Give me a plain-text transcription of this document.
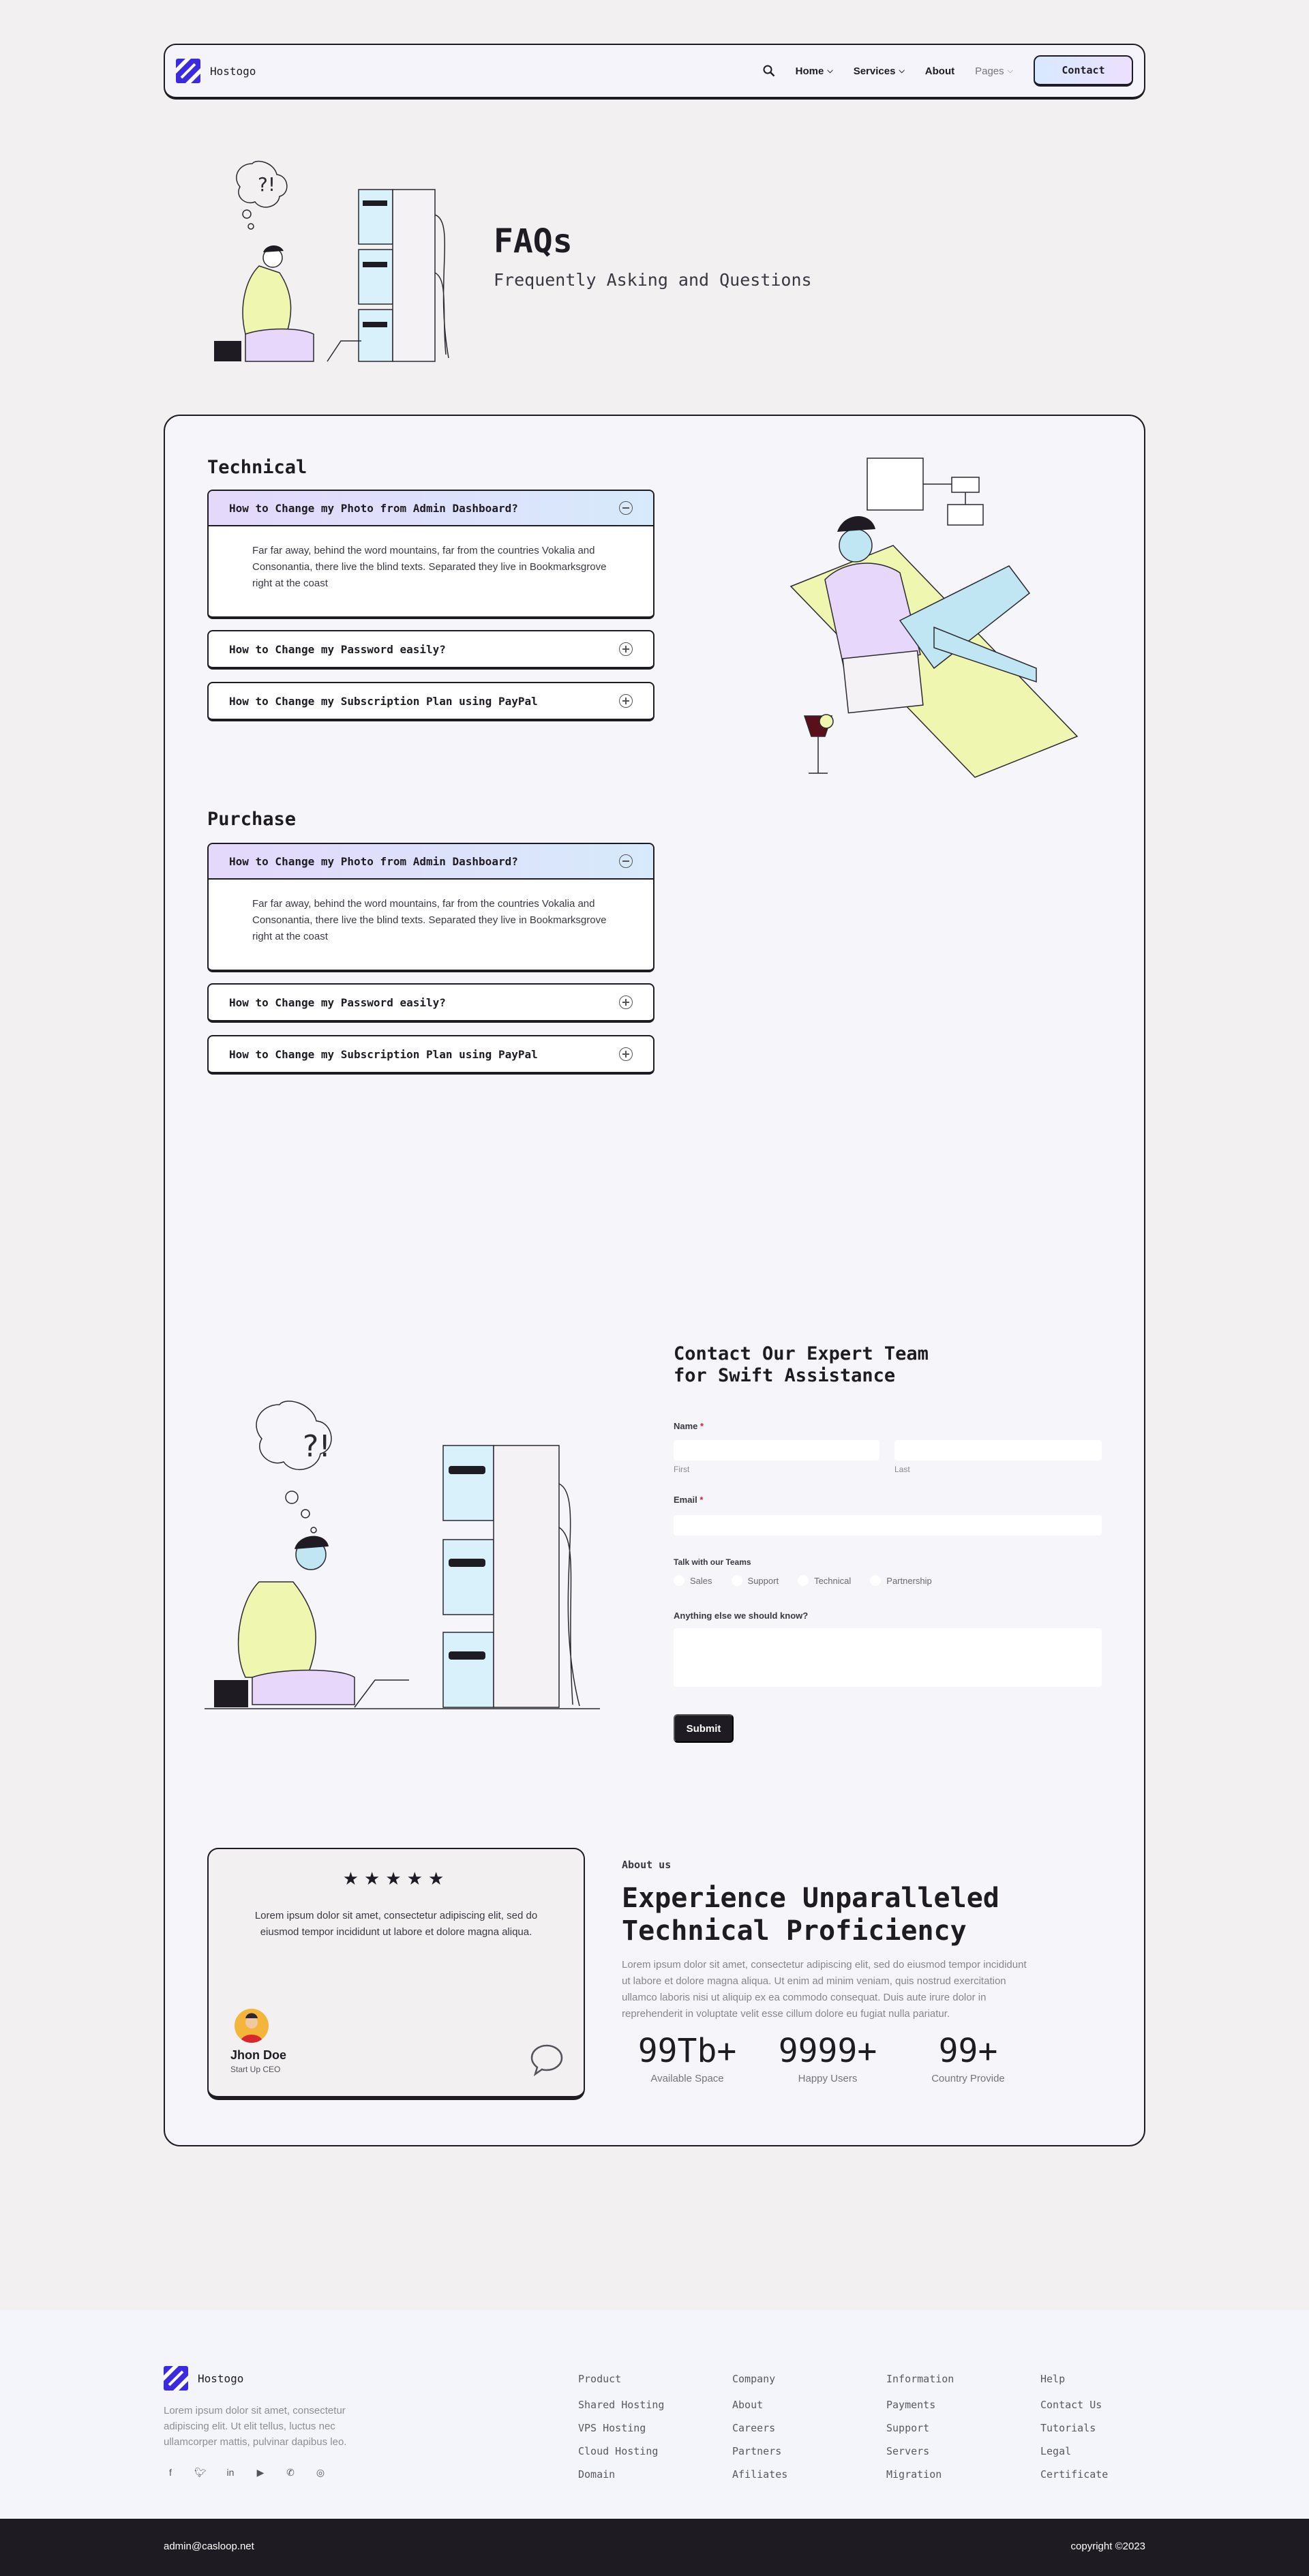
Hostogo	Home ⌵ Services ⌵ About Pages ⌵	Contact
?!
FAQs

Frequently Asking and Questions

Technical
How to Change my Photo from Admin Dashboard?
Far far away, behind the word mountains, far from the countries Vokalia and Consonantia, there live the blind texts. Separated they live in Bookmarksgrove right at the coast
How to Change my Password easily?
How to Change my Subscription Plan using PayPal
Purchase
How to Change my Photo from Admin Dashboard?
Far far away, behind the word mountains, far from the countries Vokalia and Consonantia, there live the blind texts. Separated they live in Bookmarksgrove right at the coast
How to Change my Password easily?
How to Change my Subscription Plan using PayPal
?!
Contact Our Expert Team
for Swift Assistance
Name *
First	Last
Email *
Talk with our Teams
Sales	Support	Technical	Partnership
Anything else we should know?
Submit
★★★★★

Lorem ipsum dolor sit amet, consectetur adipiscing elit, sed do eiusmod tempor incididunt ut labore et dolore magna aliqua.

Jhon Doe
Start Up CEO
About us
Experience Unparalleled Technical Proficiency

Lorem ipsum dolor sit amet, consectetur adipiscing elit, sed do eiusmod tempor incididunt ut labore et dolore magna aliqua. Ut enim ad minim veniam, quis nostrud exercitation ullamco laboris nisi ut aliquip ex ea commodo consequat. Duis aute irure dolor in reprehenderit in voluptate velit esse cillum dolore eu fugiat nulla pariatur.

99Tb+
Available Space
9999+
Happy Users
99+
Country Provide
Hostogo

Lorem ipsum dolor sit amet, consectetur adipiscing elit. Ut elit tellus, luctus nec ullamcorper mattis, pulvinar dapibus leo.

f	🐦︎	in	▶	✆ ◎
Product
Shared Hosting
VPS Hosting
Cloud Hosting
Domain
Company
About
Careers
Partners
Afiliates
Information
Payments
Support
Servers
Migration
Help
Contact Us
Tutorials
Legal
Certificate
admin@casloop.net	copyright ©2023
